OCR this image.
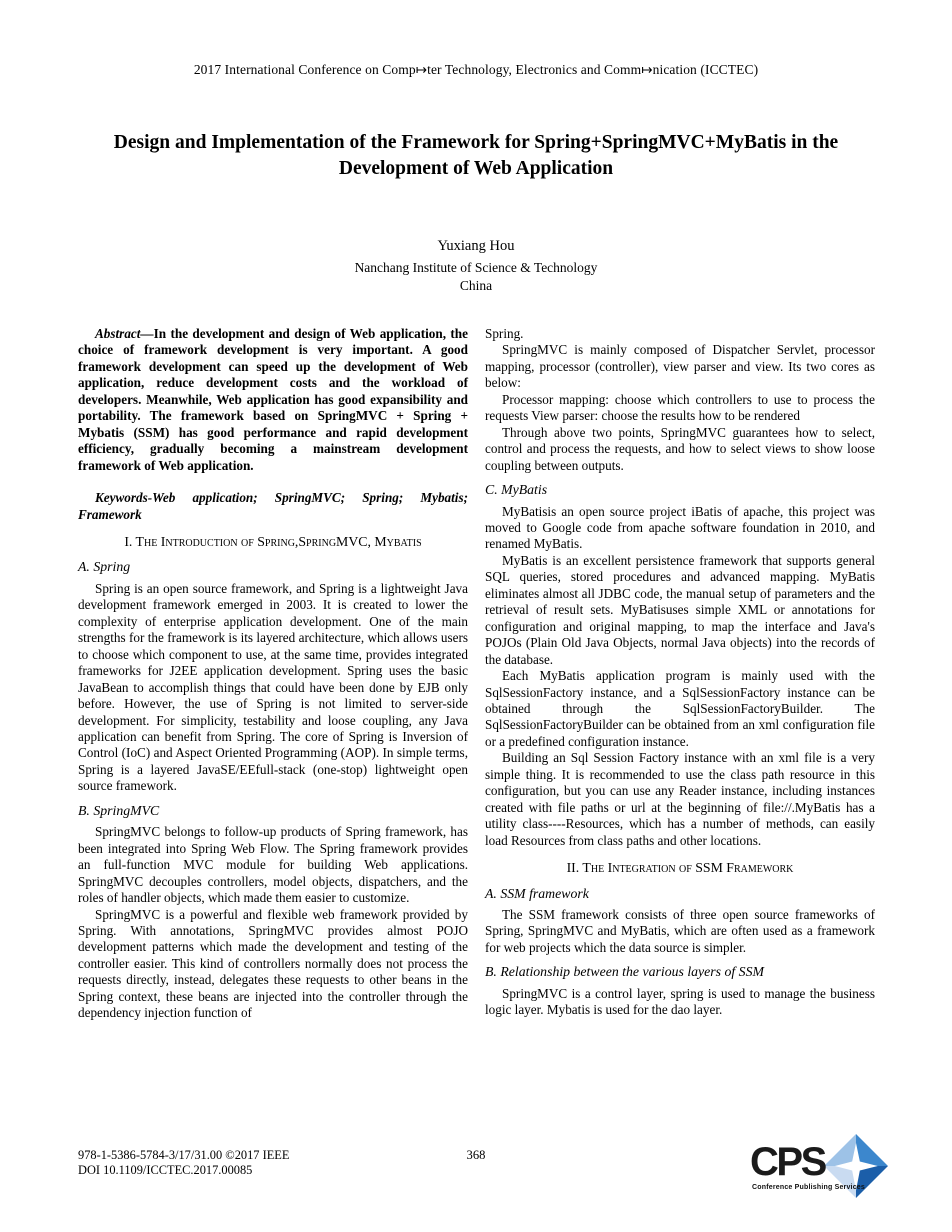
2017 International Conference on Comp↦ter Technology, Electronics and Comm↦nication (ICCTEC)
Design and Implementation of the Framework for Spring+SpringMVC+MyBatis in the Development of Web Application
Yuxiang Hou
Nanchang Institute of Science & Technology
China

Abstract—In the development and design of Web application, the choice of framework development is very important. A good framework development can speed up the development of Web application, reduce development costs and the workload of developers. Meanwhile, Web application has good expansibility and portability. The framework based on SpringMVC + Spring + Mybatis (SSM) has good performance and rapid development efficiency, gradually becoming a mainstream development framework of Web application.

Keywords-Web application; SpringMVC; Spring; Mybatis; Framework

I. The Introduction of Spring,SpringMVC, Mybatis
A. Spring

Spring is an open source framework, and Spring is a lightweight Java development framework emerged in 2003. It is created to lower the complexity of enterprise application development. One of the main strengths for the framework is its layered architecture, which allows users to choose which component to use, at the same time, provides integrated frameworks for J2EE application development. Spring uses the basic JavaBean to accomplish things that could have been done by EJB only before. However, the use of Spring is not limited to server-side development. For simplicity, testability and loose coupling, any Java application can benefit from Spring. The core of Spring is Inversion of Control (IoC) and Aspect Oriented Programming (AOP). In simple terms, Spring is a layered JavaSE/EEfull-stack (one-stop) lightweight open source framework.

B. SpringMVC

SpringMVC belongs to follow-up products of Spring framework, has been integrated into Spring Web Flow. The Spring framework provides an full-function MVC module for building Web applications. SpringMVC decouples controllers, model objects, dispatchers, and the roles of handler objects, which made them easier to customize.

SpringMVC is a powerful and flexible web framework provided by Spring. With annotations, SpringMVC provides almost POJO development patterns which made the development and testing of the controller easier. This kind of controllers normally does not process the requests directly, instead, delegates these requests to other beans in the Spring context, these beans are injected into the controller through the dependency injection function of

Spring.

SpringMVC is mainly composed of Dispatcher Servlet, processor mapping, processor (controller), view parser and view. Its two cores as below:

Processor mapping: choose which controllers to use to process the requests View parser: choose the results how to be rendered

Through above two points, SpringMVC guarantees how to select, control and process the requests, and how to select views to show loose coupling between outputs.

C. MyBatis

MyBatisis an open source project iBatis of apache, this project was moved to Google code from apache software foundation in 2010, and renamed MyBatis.

MyBatis is an excellent persistence framework that supports general SQL queries, stored procedures and advanced mapping. MyBatis eliminates almost all JDBC code, the manual setup of parameters and the retrieval of result sets. MyBatisuses simple XML or annotations for configuration and original mapping, to map the interface and Java's POJOs (Plain Old Java Objects, normal Java objects) into the records of the database.

Each MyBatis application program is mainly used with the SqlSessionFactory instance, and a SqlSessionFactory instance can be obtained through the SqlSessionFactoryBuilder. The SqlSessionFactoryBuilder can be obtained from an xml configuration file or a predefined configuration instance.

Building an Sql Session Factory instance with an xml file is a very simple thing. It is recommended to use the class path resource in this configuration, but you can use any Reader instance, including instances created with file paths or url at the beginning of file://.MyBatis has a utility class----Resources, which has a number of methods, can easily load Resources from class paths and other locations.

II. The Integration of SSM Framework
A. SSM framework

The SSM framework consists of three open source frameworks of Spring, SpringMVC and MyBatis, which are often used as a framework for web projects which the data source is simpler.

B. Relationship between the various layers of SSM

SpringMVC is a control layer, spring is used to manage the business logic layer. Mybatis is used for the dao layer.

978-1-5386-5784-3/17/31.00 ©2017 IEEE
DOI 10.1109/ICCTEC.2017.00085
368	CPS
Conference Publishing Services
